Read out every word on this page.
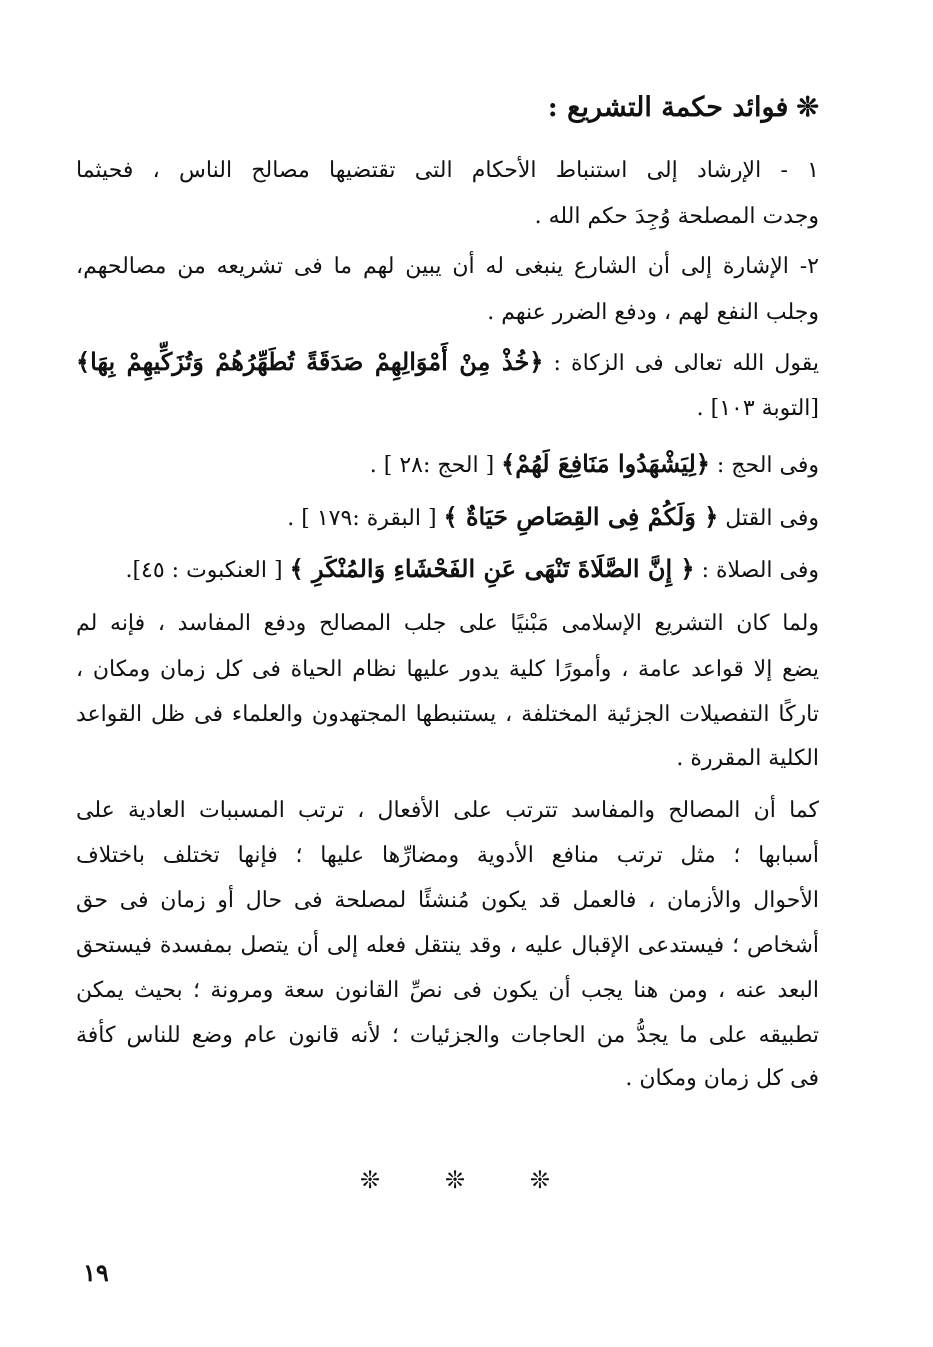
❊فوائد حكمة التشريع :
١ - الإرشاد إلى استنباط الأحكام التى تقتضيها مصالح الناس ، فحيثما
وجدت المصلحة وُجِدَ حكم الله .
٢- الإشارة إلى أن الشارع ينبغى له أن يبين لهم ما فى تشريعه من مصالحهم،
وجلب النفع لهم ، ودفع الضرر عنهم .
يقول الله تعالى فى الزكاة : ﴿خُذْ مِنْ أَمْوَالِهِمْ صَدَقَةً تُطَهِّرُهُمْ وَتُزَكِّيهِمْ بِهَا﴾
[التوبة ١٠٣] .
وفى الحج : ﴿لِيَشْهَدُوا مَنَافِعَ لَهُمْ﴾ [ الحج :٢٨ ] .
وفى القتل ﴿ وَلَكُمْ فِى القِصَاصِ حَيَاةٌ ﴾ [ البقرة :١٧٩ ] .
وفى الصلاة : ﴿ إِنَّ الصَّلَاةَ تَنْهَى عَنِ الفَحْشَاءِ وَالمُنْكَرِ ﴾ [ العنكبوت : ٤٥].
ولما كان التشريع الإسلامى مَبْنيًا على جلب المصالح ودفع المفاسد ، فإنه لم
يضع إلا قواعد عامة ، وأمورًا كلية يدور عليها نظام الحياة فى كل زمان ومكان ،
تاركًا التفصيلات الجزئية المختلفة ، يستنبطها المجتهدون والعلماء فى ظل القواعد
الكلية المقررة .
كما أن المصالح والمفاسد تترتب على الأفعال ، ترتب المسببات العادية على
أسبابها ؛ مثل ترتب منافع الأدوية ومضارِّها عليها ؛ فإنها تختلف باختلاف
الأحوال والأزمان ، فالعمل قد يكون مُنشئًا لمصلحة فى حال أو زمان فى حق
أشخاص ؛ فيستدعى الإقبال عليه ، وقد ينتقل فعله إلى أن يتصل بمفسدة فيستحق
البعد عنه ، ومن هنا يجب أن يكون فى نصِّ القانون سعة ومرونة ؛ بحيث يمكن
تطبيقه على ما يجدُّ من الحاجات والجزئيات ؛ لأنه قانون عام وضع للناس كأفة
فى كل زمان ومكان .
❊	❊	❊
١٩
